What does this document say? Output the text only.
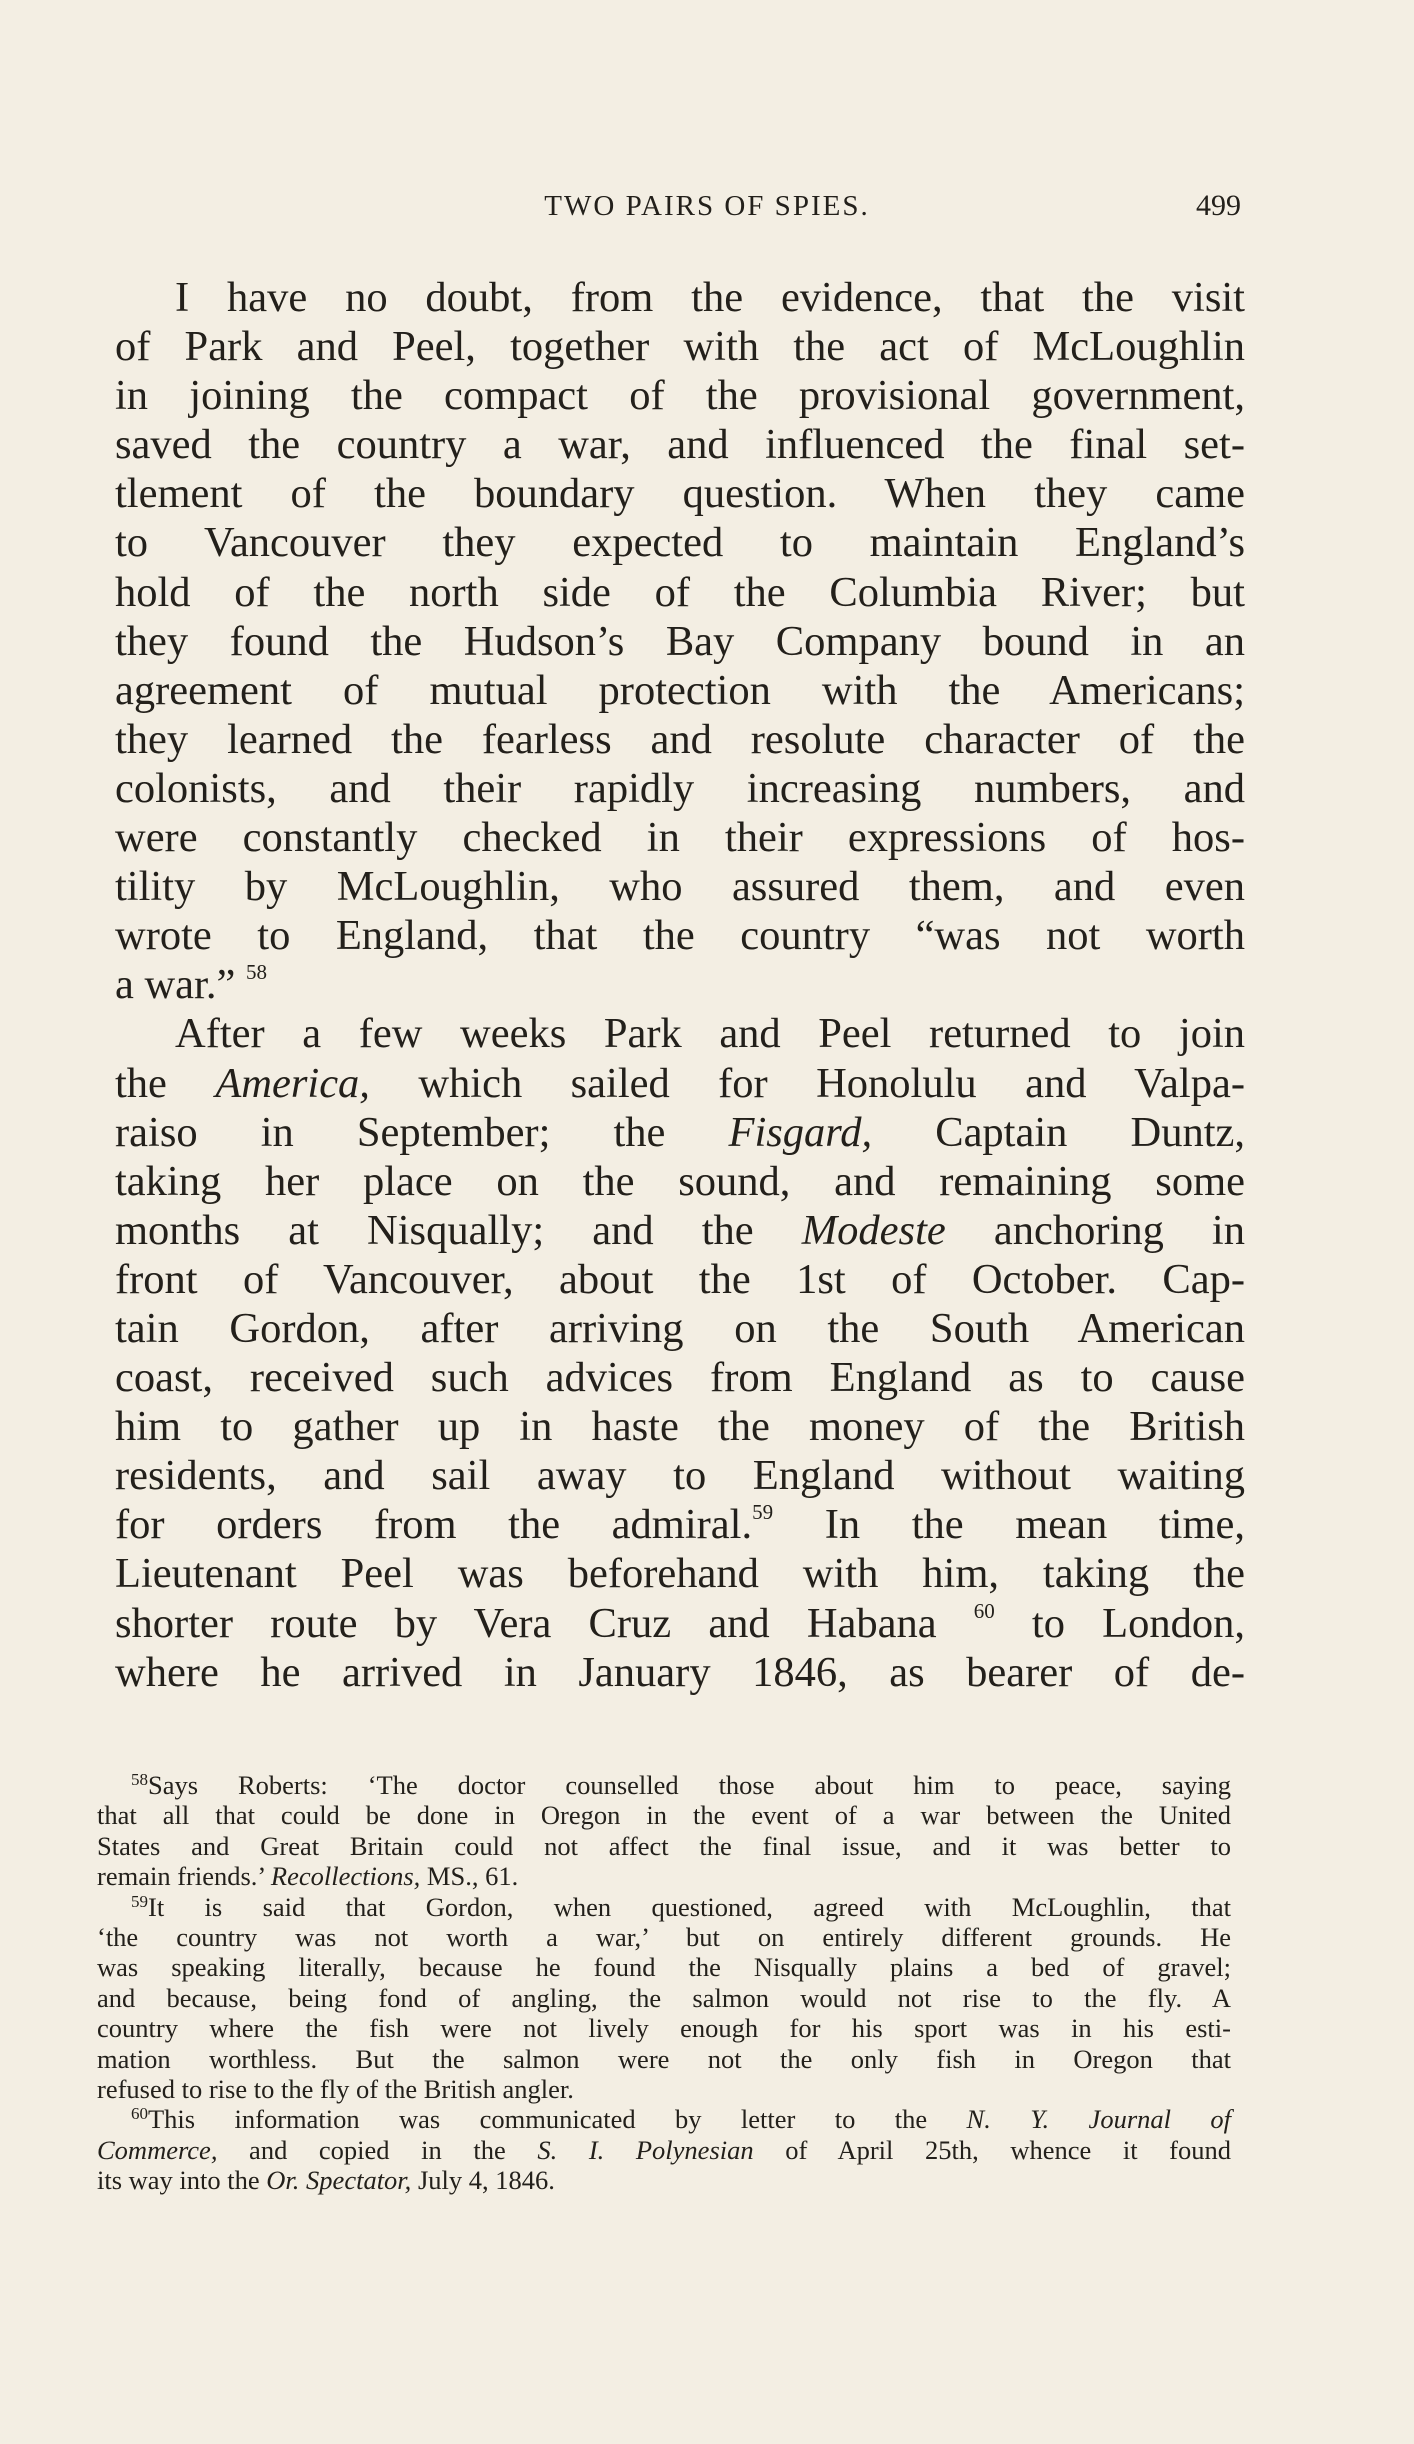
TWO PAIRS OF SPIES.	499
I have no doubt, from the evidence, that the visit
of Park and Peel, together with the act of McLoughlin
in joining the compact of the provisional government,
saved the country a war, and influenced the final set-
tlement of the boundary question. When they came
to Vancouver they expected to maintain England’s
hold of the north side of the Columbia River; but
they found the Hudson’s Bay Company bound in an
agreement of mutual protection with the Americans;
they learned the fearless and resolute character of the
colonists, and their rapidly increasing numbers, and
were constantly checked in their expressions of hos-
tility by McLoughlin, who assured them, and even
wrote to England, that the country “was not worth
a war.” $^{58}$
After a few weeks Park and Peel returned to join
the America, which sailed for Honolulu and Valpa-
raiso in September; the Fisgard, Captain Duntz,
taking her place on the sound, and remaining some
months at Nisqually; and the Modeste anchoring in
front of Vancouver, about the 1st of October. Cap-
tain Gordon, after arriving on the South American
coast, received such advices from England as to cause
him to gather up in haste the money of the British
residents, and sail away to England without waiting
for orders from the admiral.$^{59}$ In the mean time,
Lieutenant Peel was beforehand with him, taking the
shorter route by Vera Cruz and Habana $^{60}$ to London,
where he arrived in January 1846, as bearer of de-
$^{58}$Says Roberts: ‘The doctor counselled those about him to peace, saying
that all that could be done in Oregon in the event of a war between the United
States and Great Britain could not affect the final issue, and it was better to
remain friends.’ Recollections, MS., 61.
$^{59}$It is said that Gordon, when questioned, agreed with McLoughlin, that
‘the country was not worth a war,’ but on entirely different grounds. He
was speaking literally, because he found the Nisqually plains a bed of gravel;
and because, being fond of angling, the salmon would not rise to the fly. A
country where the fish were not lively enough for his sport was in his esti-
mation worthless. But the salmon were not the only fish in Oregon that
refused to rise to the fly of the British angler.
$^{60}$This information was communicated by letter to the N. Y. Journal of
Commerce, and copied in the S. I. Polynesian of April 25th, whence it found
its way into the Or. Spectator, July 4, 1846.
